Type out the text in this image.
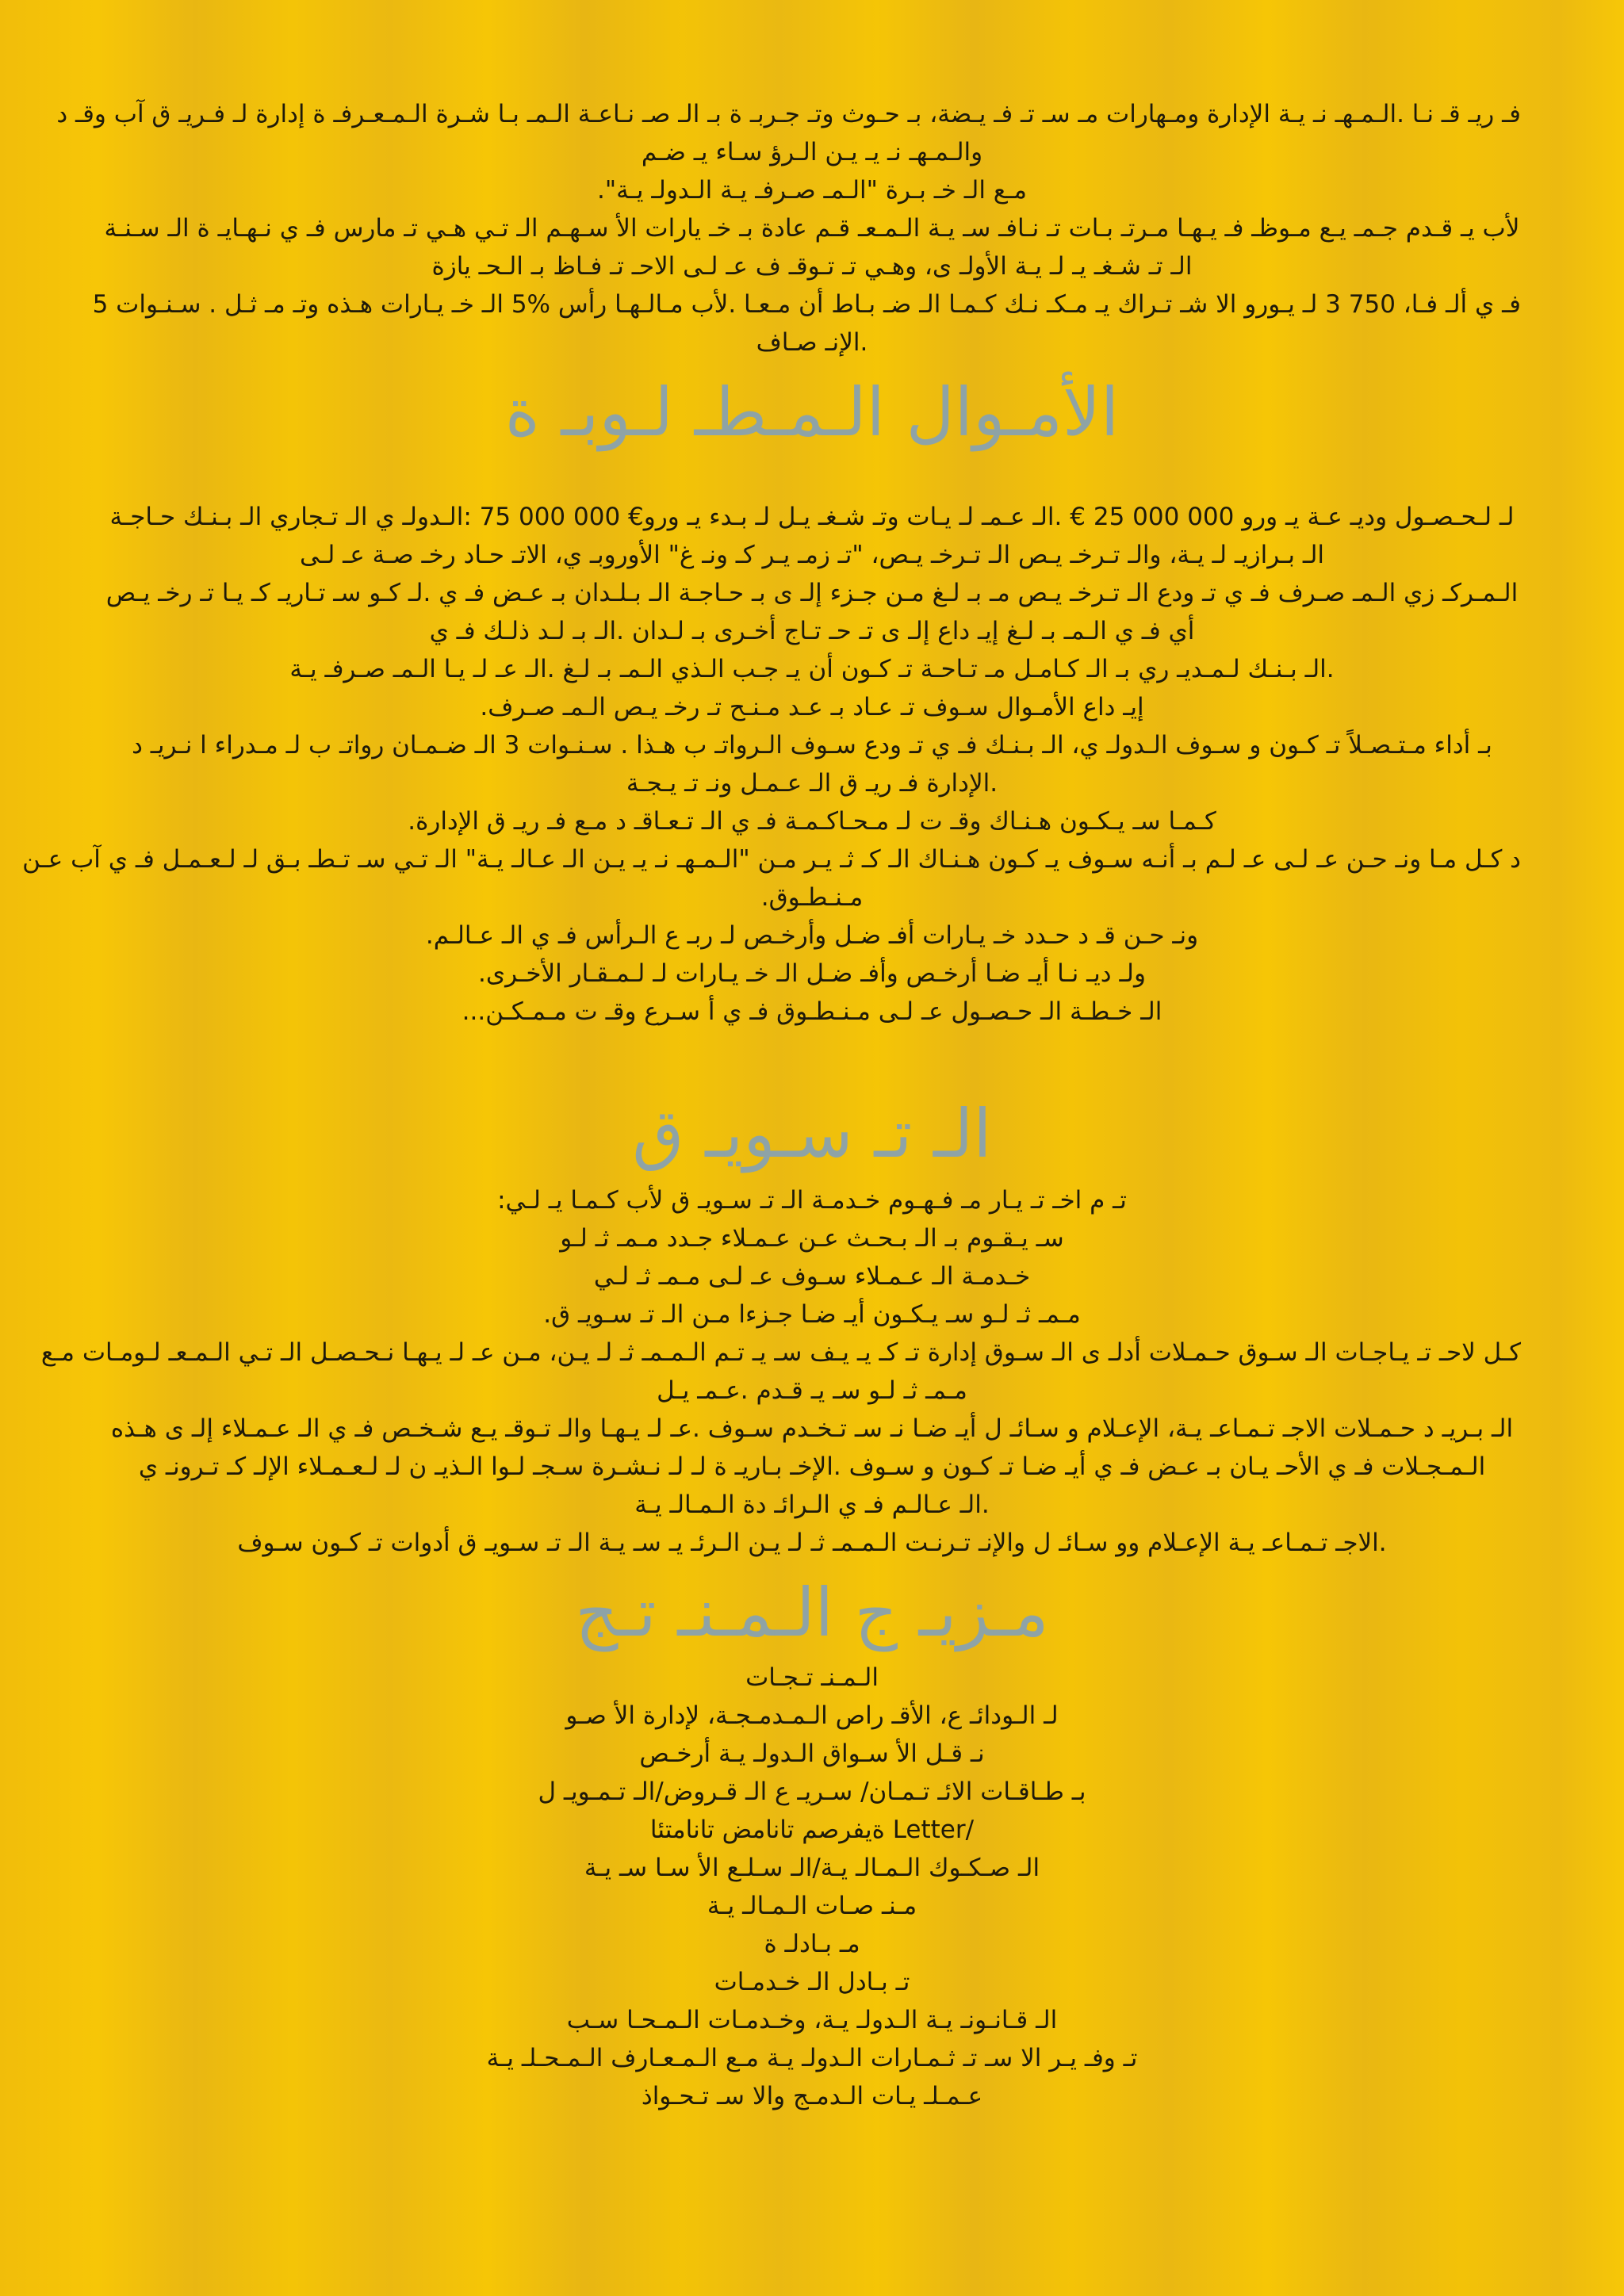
فـ ريـ قـ نـا .الـمـهـ نـ يـة الإدارة ومـهارات مـ سـ تـ فـ يـضة، بـ حـوث وتـ جـربـ ة بـ الـ صـ نـاعـة الـمـ بـا شـرة الـمـعـرفـ ة إدارة لـ فـريـ ق آب وقـ د
والـمـهـ نـ يـ يـن الـرؤ سـاء يـ ضـم
مـع الـ خـ بـرة "الـمـ صـرفـ يـة الـدولـ يـة".
لأب يـ قـدم جـمـ يـع مـوظـ فـ يـهـا مـرتـ بـات تـ نـافـ سـ يـة الـمـعـ قـم عادة بـ خـ يارات الأ سـهـم الـ تـي هـي تـ مارس فـ ي نـهـايـ ة الـ سـنـة
الـ تـ شـغـ يـ لـ يـة الأولـ ى، وهـي تـ تـوقـ ف عـ لـى الاحـ تـ فـاظ بـ الـحـ يازة
فـ ي ألـ فـا، 750 3 لـ يـورو الا شـ تـراك يـ مـكـ نـك كـمـا الـ ضـ بـاط أن مـعـا .لأب مـالـهـا رأس %5 الـ خـ يـارات هـذه وتـ مـ ثـل . سـنـوات 5
.الإنـ صـاف
الأمـوال الـمـطـ لـوبـ ة
لـ لـحـصـول وديـ عـة يـ ورو 000 000 25 € .الـ عـمـ لـ يـات وتـ شـغـ يـل لـ بـدء يـ ورو€ 000 000 75 :الـدولـ ي الـ تـجاري الـ بـنـك حـاجـة
الـ بـرازيـ لـ يـة، والـ تـرخـ يـص الـ تـرخـ يـص، "تـ زمـ يـر كـ ونـ غ" الأوروبـ ي، الاتـ حـاد رخـ صـة عـ لـى
الـمـركـ زي الـمـ صـرف فـ ي تـ ودع الـ تـرخـ يـص مـ بـ لـغ مـن جـزء إلـ ى بـ حـاجـة الـ بـلـدان بـ عـض فـ ي .لـ كـو سـ تـاريـ كـ يـا تـ رخـ يـص
أي فـ ي الـمـ بـ لـغ إيـ داع إلـ ى تـ حـ تـاج أخـرى بـ لـدان .الـ بـ لـد ذلـك فـ ي
.الـ بـنـك لـمـديـ ري بـ الـ كـامـل مـ تـاحـة تـ كـون أن يـ جـب الـذي الـمـ بـ لـغ .الـ عـ لـ يـا الـمـ صـرفـ يـة
إيـ داع الأمـوال سـوف تـ عـاد بـ عـد مـنـح تـ رخـ يـص الـمـ صـرف.
بـ أداء مـتـصـلاً تـ كـون و سـوف الـدولـ ي، الـ بـنـك فـ ي تـ ودع سـوف الـرواتـ ب هـذا . سـنـوات 3 الـ ضـمـان رواتـ ب لـ مـدراء ا نـريـ د
.الإدارة فـ ريـ ق الـ عـمـل ونـ تـ يـجـة
كـمـا سـ يـكـون هـنـاك وقـ ت لـ مـحـاكـمـة فـ ي الـ تـعـاقـ د مـع فـ ريـ ق الإدارة.
د كـل مـا ونـ حـن عـ لـى عـ لـم بـ أنـه سـوف يـ كـون هـنـاك الـ كـ ثـ يـر مـن "الـمـهـ نـ يـ يـن الـ عـالـ يـة" الـ تـي سـ تـطـ بـق لـ لـعـمـل فـ ي آب عـن
مـنـطـوق.
ونـ حـن قـ د حـدد خـ يـارات أفـ ضـل وأرخـص لـ ربـ ع الـرأس فـ ي الـ عـالـم.
ولـ ديـ نـا أيـ ضـا أرخـص وأفـ ضـل الـ خـ يـارات لـ لـمـقـار الأخـرى.
الـ خـطـة الـ حـصـول عـ لـى مـنـطـوق فـ ي أ سـرع وقـ ت مـمـكـن...
الـ تـ سـويـ ق
تـ م اخـ تـ يـار مـ فـهـوم خـدمـة الـ تـ سـويـ ق لأب كـمـا يـ لـي:
سـ يـقـوم بـ الـ بـحـث عـن عـمـلاء جـدد مـمـ ثـ لـو
خـدمـة الـ عـمـلاء سـوف عـ لـى مـمـ ثـ لـي
مـمـ ثـ لـو سـ يـكـون أيـ ضـا جـزءا مـن الـ تـ سـويـ ق.
كـل لاحـ تـ يـاجـات الـ سـوق حـمـلات أدلـ ى الـ سـوق إدارة تـ كـ يـ يـف سـ يـ تـم الـمـمـ ثـ لـ يـن، مـن عـ لـ يـهـا نـحـصـل الـ تـي الـمـعـ لـومـات مـع
مـمـ ثـ لـو سـ يـ قـدم .عـمـ يـل
الـ بـريـ د حـمـلات الاجـ تـمـاعـ يـة، الإعـلام و سـائـ ل أيـ ضـا نـ سـ تـخـدم سـوف .عـ لـ يـهـا والـ تـوقـ يـع شـخـص فـ ي الـ عـمـلاء إلـ ى هـذه
الـمـجـلات فـ ي الأحـ يـان بـ عـض فـ ي أيـ ضـا تـ كـون و سـوف .الإخـ بـاريـ ة لـ لـ نـشـرة سـجـ لـوا الـذيـ ن لـ لـعـمـلاء الإلـ كـ تـرونـ ي
.الـ عـالـم فـ ي الـرائـ دة الـمـالـ يـة
.الاجـ تـمـاعـ يـة الإعـلام وو سـائـ ل والإنـ تـرنـت الـمـمـ ثـ لـ يـن الـرئـ يـ سـ يـة الـ تـ سـويـ ق أدوات تـ كـون سـوف
مـزيـ ج الـمـنـ تـج
الـمـنـ تـجـات
لـ الـودائـ ع، الأقـ راص الـمـدمـجـة، لإدارة الأ صـو
نـ قـل الأ سـواق الـدولـ يـة أرخـص
بـ طـاقـات الائـ تـمـان/ سـريـ ع الـ قـروض/الـ تـمـويـ ل
/Letter ةيفرصم تانامض تانامتئا
الـ صـكـوك الـمـالـ يـة/الـ سـلـع الأ سـا سـ يـة
مـنـ صـات الـمـالـ يـة
مـ بـادلـ ة
تـ بـادل الـ خـدمـات
الـ قـانـونـ يـة الـدولـ يـة، وخـدمـات الـمـحـا سـب
تـ وفـ يـر الا سـ تـ ثـمـارات الـدولـ يـة مـع الـمـعـارف الـمـحـلـ يـة
عـمـلـ يـات الـدمـج والا سـ تـحـواذ
